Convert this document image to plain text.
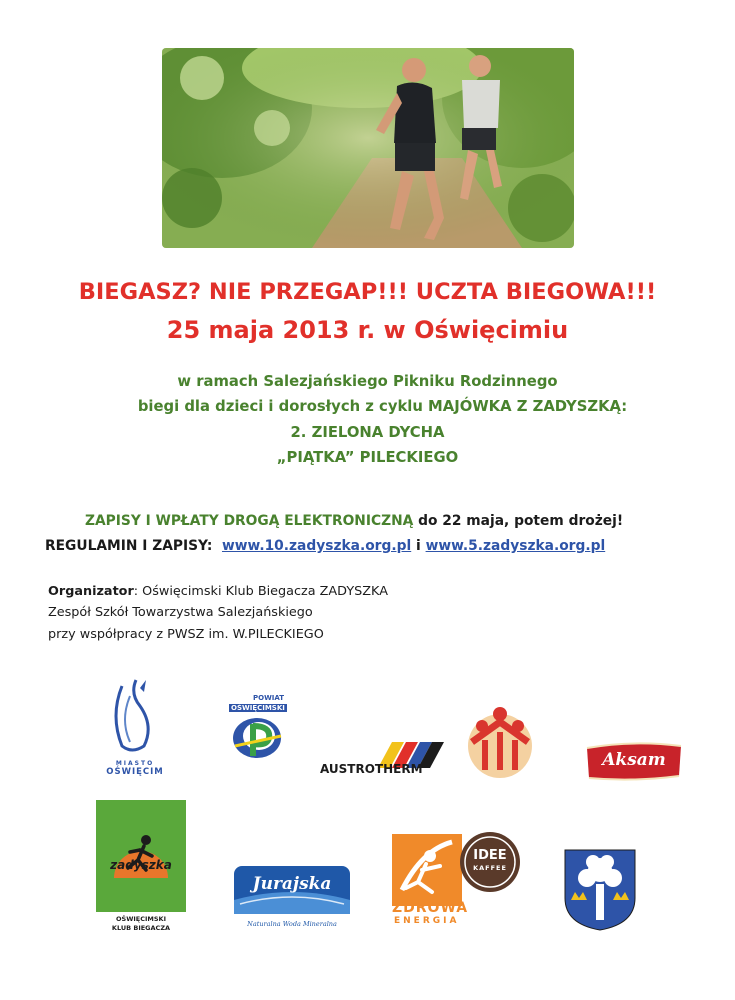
BIEGASZ? NIE PRZEGAP!!! UCZTA BIEGOWA!!!
25 maja 2013 r. w Oświęcimiu
w ramach Salezjańskiego Pikniku Rodzinnego
biegi dla dzieci i dorosłych z cyklu MAJÓWKA Z ZADYSZKĄ:
2. ZIELONA DYCHA
„PIĄTKA” PILECKIEGO
ZAPISY I WPŁATY DROGĄ ELEKTRONICZNĄ do 22 maja, potem drożej!
REGULAMIN I ZAPISY: www.10.zadyszka.org.pl i www.5.zadyszka.org.pl
Organizator: Oświęcimski Klub Biegacza ZADYSZKA
Zespół Szkół Towarzystwa Salezjańskiego
przy współpracy z PWSZ im. W.PILECKIEGO
MIASTO
OŚWIĘCIM
POWIAT
OŚWIĘCIMSKI
AUSTROTHERM	Aksam
zadyszka
OŚWIĘCIMSKI
KLUB BIEGACZA
Jurajska
Naturalna Woda Mineralna
IDEE
KAFFEE
ZDROWA
ENERGIA
